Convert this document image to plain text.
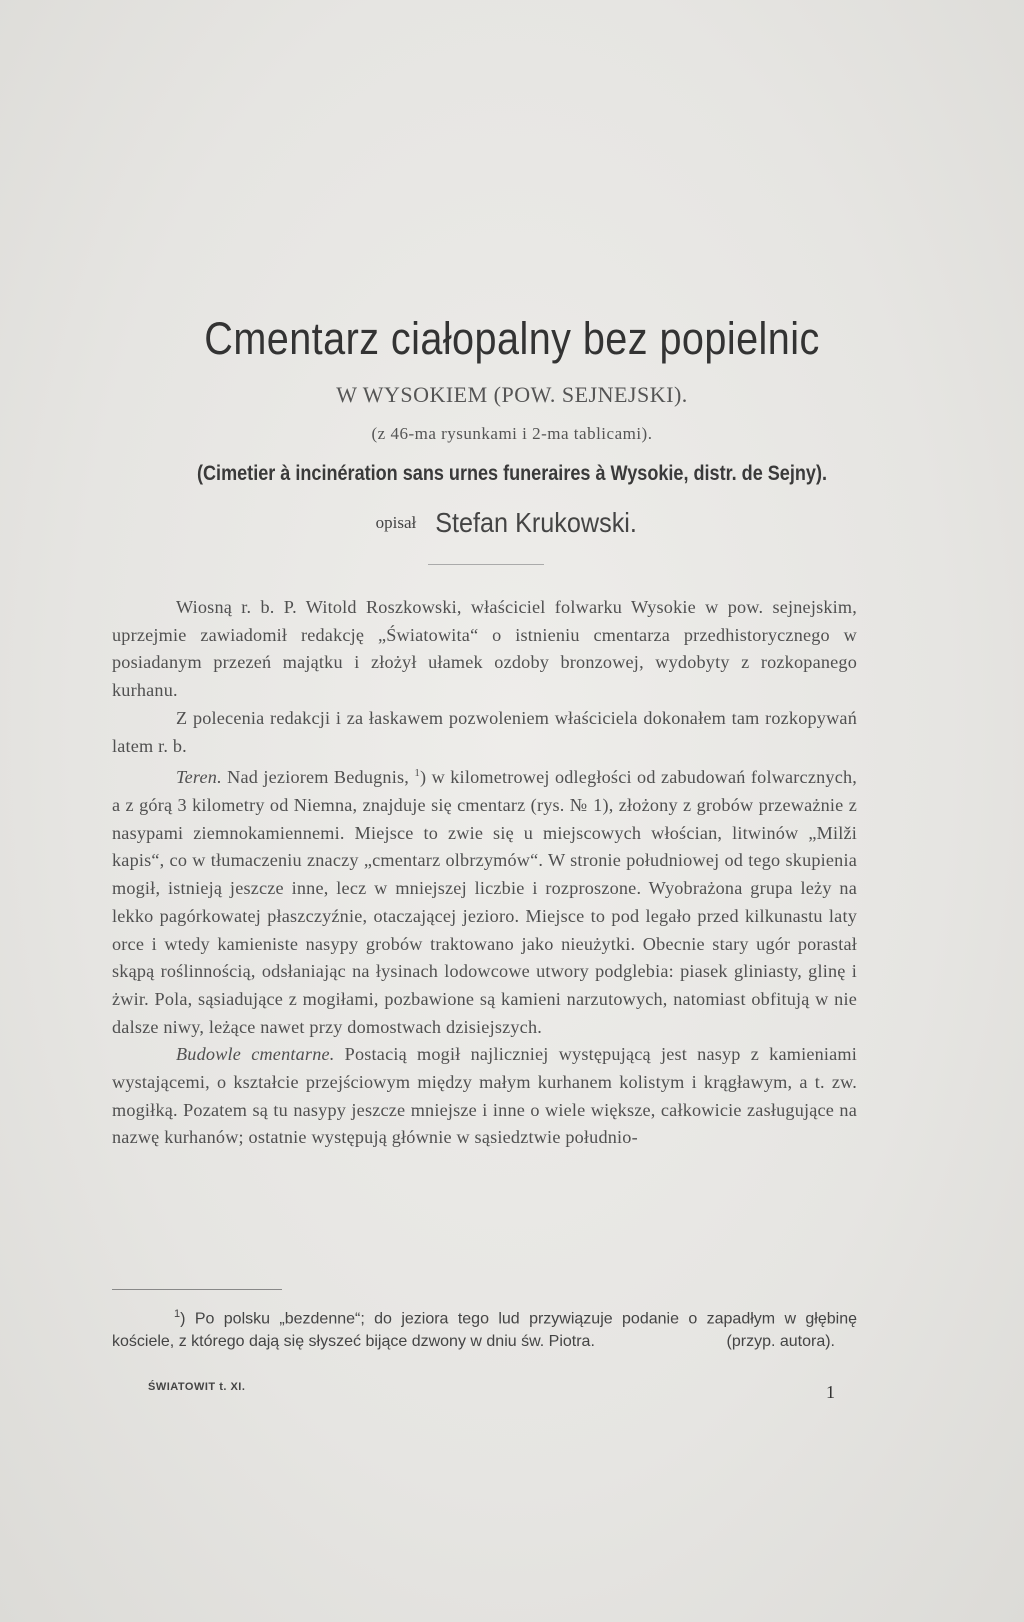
Cmentarz ciałopalny bez popielnic
W WYSOKIEM (POW. SEJNEJSKI).
(z 46-ma rysunkami i 2-ma tablicami).
(Cimetier à incinération sans urnes funeraires à Wysokie, distr. de Sejny).
opisał Stefan Krukowski.

Wiosną r. b. P. Witold Roszkowski, właściciel folwarku Wysokie w pow. sejnejskim, uprzejmie zawiadomił redakcję „Światowita“ o istnieniu cmentarza przedhistorycznego w posiadanym przezeń majątku i złożył ułamek ozdoby bronzowej, wydobyty z rozkopanego kurhanu.

Z polecenia redakcji i za łaskawem pozwoleniem właściciela dokonałem tam rozkopywań latem r. b.

Teren. Nad jeziorem Bedugnis, $^1$) w kilometrowej odległości od zabudowań folwarcznych, a z górą 3 kilometry od Niemna, znajduje się cmentarz (rys. № 1), złożony z grobów przeważnie z nasypami ziemnokamiennemi. Miejsce to zwie się u miejscowych włościan, litwinów „Milži kapis“, co w tłumaczeniu znaczy „cmentarz olbrzymów“. W stronie południowej od tego skupienia mogił, istnieją jeszcze inne, lecz w mniejszej liczbie i rozproszone. Wyobrażona grupa leży na lekko pagórkowatej płaszczyźnie, otaczającej jezioro. Miejsce to pod legało przed kilkunastu laty orce i wtedy kamieniste nasypy grobów traktowano jako nieużytki. Obecnie stary ugór porastał skąpą roślinnością, odsłaniając na łysinach lodowcowe utwory podglebia: piasek gliniasty, glinę i żwir. Pola, sąsiadujące z mogiłami, pozbawione są kamieni narzutowych, natomiast obfitują w nie dalsze niwy, leżące nawet przy domostwach dzisiejszych.

Budowle cmentarne. Postacią mogił najliczniej występującą jest nasyp z kamieniami wystającemi, o kształcie przejściowym między małym kurhanem kolistym i krągławym, a t. zw. mogiłką. Pozatem są tu nasypy jeszcze mniejsze i inne o wiele większe, całkowicie zasługujące na nazwę kurhanów; ostatnie występują głównie w sąsiedztwie południo-

$^1$) Po polsku „bezdenne“; do jeziora tego lud przywiązuje podanie o zapadłym w głębinę kościele, z którego dają się słyszeć bijące dzwony w dniu św. Piotra.	(przyp. autora).
ŚWIATOWIT t. XI.	1
